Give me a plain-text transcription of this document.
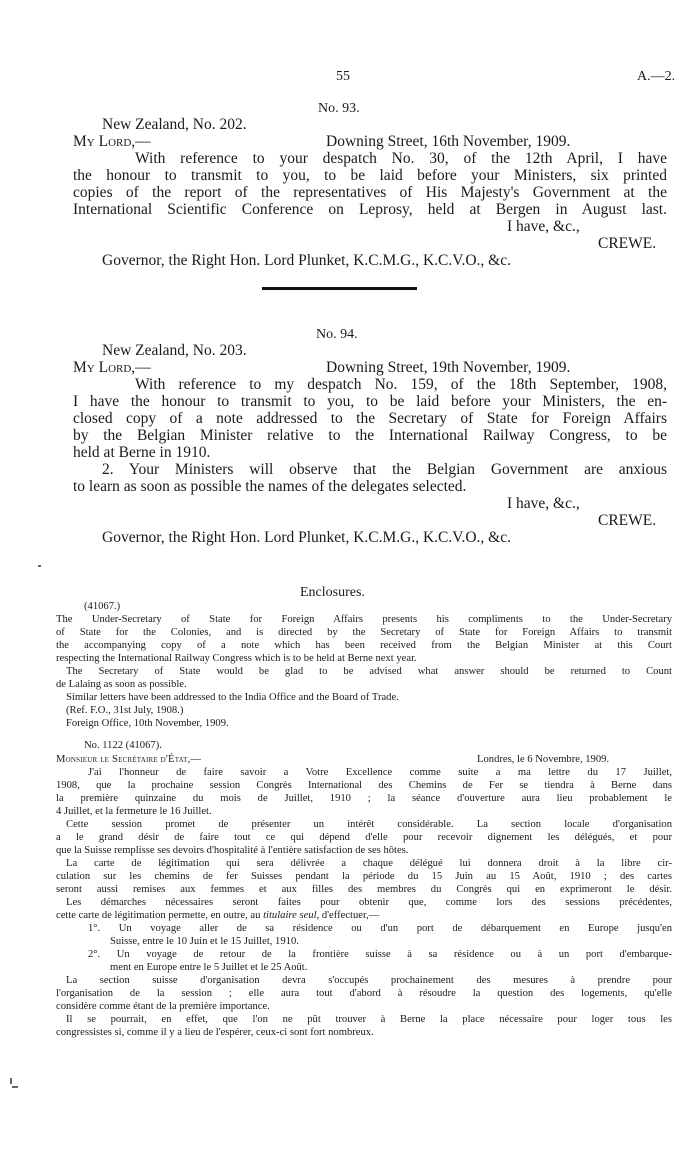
55	A.—2.
No. 93.
New Zealand, No. 202.
My Lord,—	Downing Street, 16th November, 1909.
With reference to your despatch No. 30, of the 12th April, I have
the honour to transmit to you, to be laid before your Ministers, six printed
copies of the report of the representatives of His Majesty's Government at the
International Scientific Conference on Leprosy, held at Bergen in August last.
I have, &c.,
CREWE.
Governor, the Right Hon. Lord Plunket, K.C.M.G., K.C.V.O., &c.
No. 94.
New Zealand, No. 203.
My Lord,—	Downing Street, 19th November, 1909.
With reference to my despatch No. 159, of the 18th September, 1908,
I have the honour to transmit to you, to be laid before your Ministers, the en-
closed copy of a note addressed to the Secretary of State for Foreign Affairs
by the Belgian Minister relative to the International Railway Congress, to be
held at Berne in 1910.
2. Your Ministers will observe that the Belgian Government are anxious
to learn as soon as possible the names of the delegates selected.
I have, &c.,
CREWE.
Governor, the Right Hon. Lord Plunket, K.C.M.G., K.C.V.O., &c.
Enclosures.
(41067.)
The Under-Secretary of State for Foreign Affairs presents his compliments to the Under-Secretary
of State for the Colonies, and is directed by the Secretary of State for Foreign Affairs to transmit
the accompanying copy of a note which has been received from the Belgian Minister at this Court
respecting the International Railway Congress which is to be held at Berne next year.
The Secretary of State would be glad to be advised what answer should be returned to Count
de Lalaing as soon as possible.
Similar letters have been addressed to the India Office and the Board of Trade.
(Ref. F.O., 31st July, 1908.)
Foreign Office, 10th November, 1909.
No. 1122 (41067).
Monsieur le Secrétaire d'État,—	Londres, le 6 Novembre, 1909.
J'ai l'honneur de faire savoir a Votre Excellence comme suite a ma lettre du 17 Juillet,
1908, que la prochaine session Congrès International des Chemins de Fer se tiendra à Berne dans
la première quinzaine du mois de Juillet, 1910 ; la séance d'ouverture aura lieu probablement le
4 Juillet, et la fermeture le 16 Juillet.
Cette session promet de présenter un intérêt considérable. La section locale d'organisation
a le grand désir de faire tout ce qui dépend d'elle pour recevoir dignement les délégués, et pour
que la Suisse remplisse ses devoirs d'hospitalité à l'entière satisfaction de ses hôtes.
La carte de légitimation qui sera délivrée a chaque délégué lui donnera droit à la libre cir-
culation sur les chemins de fer Suisses pendant la période du 15 Juin au 15 Août, 1910 ; des cartes
seront aussi remises aux femmes et aux filles des membres du Congrès qui en exprimeront le désir.
Les démarches nécessaires seront faites pour obtenir que, comme lors des sessions précédentes,
cette carte de légitimation permette, en outre, au titulaire seul, d'effectuer,—
1°. Un voyage aller de sa résidence ou d'un port de débarquement en Europe jusqu'en
Suisse, entre le 10 Juin et le 15 Juillet, 1910.
2°. Un voyage de retour de la frontière suisse à sa résidence ou à un port d'embarque-
ment en Europe entre le 5 Juillet et le 25 Août.
La section suisse d'organisation devra s'occupés prochainement des mesures à prendre pour
l'organisation de la session ; elle aura tout d'abord à résoudre la question des logements, qu'elle
considère comme étant de la première importance.
Il se pourrait, en effet, que l'on ne pût trouver à Berne la place nécessaire pour loger tous les
congressistes si, comme il y a lieu de l'espérer, ceux-ci sont fort nombreux.
